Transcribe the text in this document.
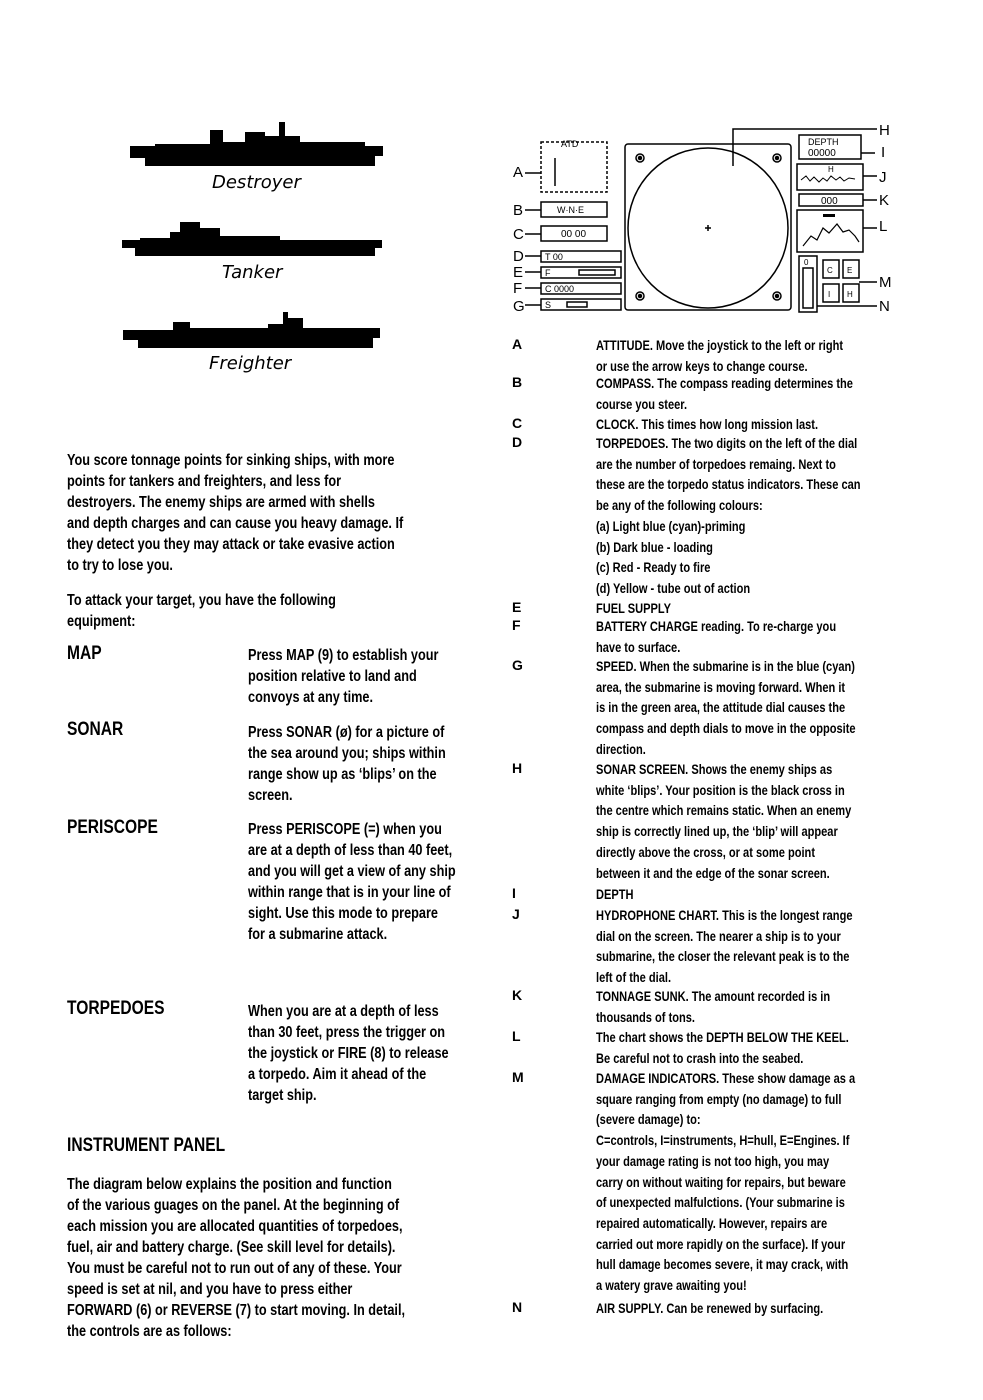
Destroyer
Tanker
Freighter
You score tonnage points for sinking ships, with more
points for tankers and freighters, and less for
destroyers. The enemy ships are armed with shells
and depth charges and can cause you heavy damage. If
they detect you they may attack or take evasive action
to try to lose you.
To attack your target, you have the following
equipment:
MAP	Press MAP (9) to establish your position relative to land and convoys at any time.
SONAR	Press SONAR (ø) for a picture of the sea around you; ships within range show up as ‘blips’ on the screen.
PERISCOPE	Press PERISCOPE (=) when you are at a depth of less than 40 feet, and you will get a view of any ship within range that is in your line of sight. Use this mode to prepare for a submarine attack.
TORPEDOES	When you are at a depth of less than 30 feet, press the trigger on the joystick or FIRE (8) to release a torpedo. Aim it ahead of the target ship.
INSTRUMENT PANEL
The diagram below explains the position and function
of the various guages on the panel. At the beginning of
each mission you are allocated quantities of torpedoes,
fuel, air and battery charge. (See skill level for details).
You must be careful not to run out of any of these. Your
speed is set at nil, and you have to press either
FORWARD (6) or REVERSE (7) to start moving. In detail,
the controls are as follows:
A
B
C
D
E
F
G
H
I
J
K
L
M
N
ATD	DEPTH
00000
H
W·N·E
00 00
T 00
F
C 0000
S
000
0
C E
I H
A	ATTITUDE. Move the joystick to the left or right
or use the arrow keys to change course.
B	COMPASS. The compass reading determines the
course you steer.
C	CLOCK. This times how long mission last.
D	TORPEDOES. The two digits on the left of the dial
are the number of torpedoes remaing. Next to
these are the torpedo status indicators. These can
be any of the following colours:
(a) Light blue (cyan)-priming
(b) Dark blue - loading
(c) Red - Ready to fire
(d) Yellow - tube out of action
E	FUEL SUPPLY
F	BATTERY CHARGE reading. To re-charge you
have to surface.
G	SPEED. When the submarine is in the blue (cyan)
area, the submarine is moving forward. When it
is in the green area, the attitude dial causes the
compass and depth dials to move in the opposite
direction.
H	SONAR SCREEN. Shows the enemy ships as
white ‘blips’. Your position is the black cross in
the centre which remains static. When an enemy
ship is correctly lined up, the ‘blip’ will appear
directly above the cross, or at some point
between it and the edge of the sonar screen.
I	DEPTH
J	HYDROPHONE CHART. This is the longest range
dial on the screen. The nearer a ship is to your
submarine, the closer the relevant peak is to the
left of the dial.
K	TONNAGE SUNK. The amount recorded is in
thousands of tons.
L	The chart shows the DEPTH BELOW THE KEEL.
Be careful not to crash into the seabed.
M	DAMAGE INDICATORS. These show damage as a
square ranging from empty (no damage) to full
(severe damage) to:
C=controls, I=instruments, H=hull, E=Engines. If
your damage rating is not too high, you may
carry on without waiting for repairs, but beware
of unexpected malfulctions. (Your submarine is
repaired automatically. However, repairs are
carried out more rapidly on the surface). If your
hull damage becomes severe, it may crack, with
a watery grave awaiting you!
N	AIR SUPPLY. Can be renewed by surfacing.
